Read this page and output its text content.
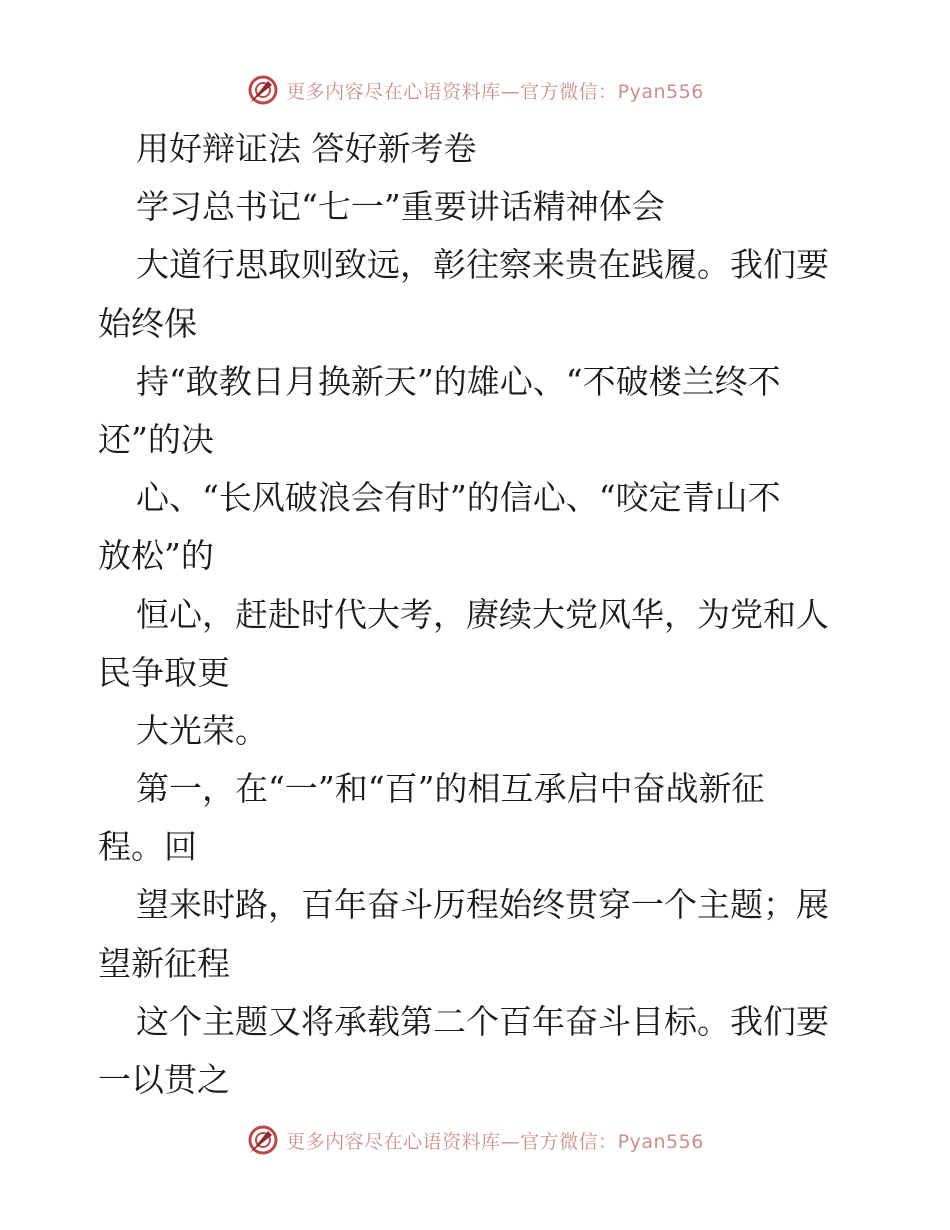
更多内容尽在心语资料库—官方微信：Pyan556
用好辩证法 答好新考卷
学习总书记“七一”重要讲话精神体会
大道行思取则致远，彰往察来贵在践履。我们要
始终保
持“敢教日月换新天”的雄心、“不破楼兰终不
还”的决
心、“长风破浪会有时”的信心、“咬定青山不
放松”的
恒心，赶赴时代大考，赓续大党风华，为党和人
民争取更
大光荣。
第一，在“一”和“百”的相互承启中奋战新征
程。回
望来时路，百年奋斗历程始终贯穿一个主题；展
望新征程
这个主题又将承载第二个百年奋斗目标。我们要
一以贯之
更多内容尽在心语资料库—官方微信：Pyan556
